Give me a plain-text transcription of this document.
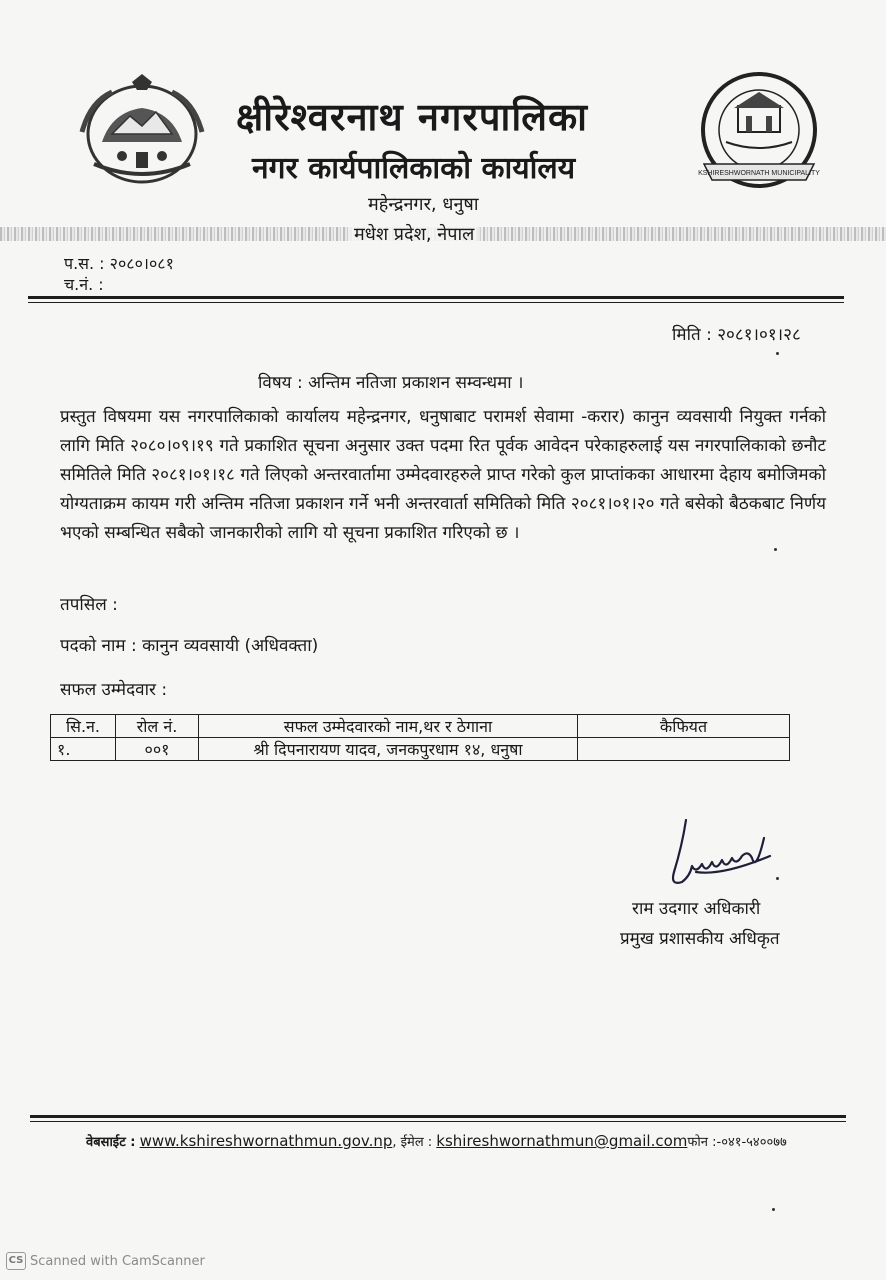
क्षीरेश्वरनाथ नगरपालिका
नगर कार्यपालिकाको कार्यालय	KSHIRESHWORNATH MUNICIPALITY
महेन्द्रनगर, धनुषा
मधेश प्रदेश, नेपाल
प.स. : २०८०।०८१
च.नं. :
मिति : २०८१।०१।२८
विषय : अन्तिम नतिजा प्रकाशन सम्वन्धमा ।
प्रस्तुत विषयमा यस नगरपालिकाको कार्यालय महेन्द्रनगर, धनुषाबाट परामर्श सेवामा -करार) कानुन व्यवसायी नियुक्त गर्नको लागि मिति २०८०।०९।१९ गते प्रकाशित सूचना अनुसार उक्त पदमा रित पूर्वक आवेदन परेकाहरुलाई यस नगरपालिकाको छनौट समितिले मिति २०८१।०१।१८ गते लिएको अन्तरवार्तामा उम्मेदवारहरुले प्राप्त गरेको कुल प्राप्तांकका आधारमा देहाय बमोजिमको योग्यताक्रम कायम गरी अन्तिम नतिजा प्रकाशन गर्ने भनी अन्तरवार्ता समितिको मिति २०८१।०१।२० गते बसेको बैठकबाट निर्णय भएको सम्बन्धित सबैको जानकारीको लागि यो सूचना प्रकाशित गरिएको छ ।
तपसिल :
पदको नाम : कानुन व्यवसायी (अधिवक्ता)
सफल उम्मेदवार :
सि.न.	रोल नं.	सफल उम्मेदवारको नाम,थर र ठेगाना	कैफियत
१.	००१	श्री दिपनारायण यादव, जनकपुरधाम १४, धनुषा	
राम उदगार अधिकारी
प्रमुख प्रशासकीय अधिकृत
वेबसाईट : www.kshireshwornathmun.gov.np, ईमेल : kshireshwornathmun@gmail.comफोन :-०४१-५४००७७
CS Scanned with CamScanner
